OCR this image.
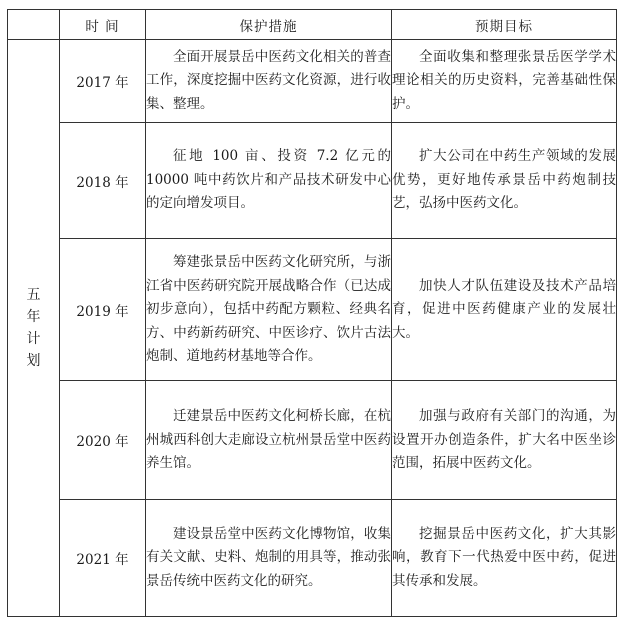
	时 间	保护措施	预期目标
五年计划	2017 年	全面开展景岳中医药文化相关的普查工作，深度挖掘中医药文化资源，进行收集、整理。	全面收集和整理张景岳医学学术理论相关的历史资料，完善基础性保护。

	2018 年	征地 100 亩、投资 7.2 亿元的 10000 吨中药饮片和产品技术研发中心的定向增发项目。	扩大公司在中药生产领域的发展优势，更好地传承景岳中药炮制技艺，弘扬中医药文化。

	2019 年	筹建张景岳中医药文化研究所，与浙江省中医药研究院开展战略合作（已达成初步意向），包括中药配方颗粒、经典名方、中药新药研究、中医诊疗、饮片古法炮制、道地药材基地等合作。	加快人才队伍建设及技术产品培育，促进中医药健康产业的发展壮大。

	2020 年	迁建景岳中医药文化柯桥长廊，在杭州城西科创大走廊设立杭州景岳堂中医药养生馆。	加强与政府有关部门的沟通，为设置开办创造条件，扩大名中医坐诊范围，拓展中医药文化。

	2021 年	建设景岳堂中医药文化博物馆，收集有关文献、史料、炮制的用具等，推动张景岳传统中医药文化的研究。	挖掘景岳中医药文化，扩大其影响，教育下一代热爱中医中药，促进其传承和发展。
